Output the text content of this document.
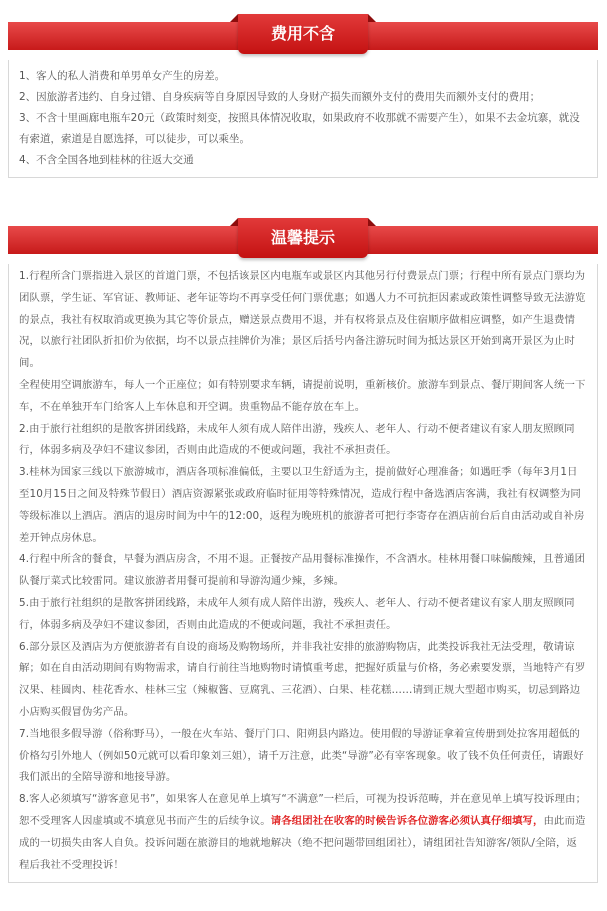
费用不含

1、客人的私人消费和单男单女产生的房差。

2、因旅游者违约、自身过错、自身疾病等自身原因导致的人身财产损失而额外支付的费用失而额外支付的费用；

3、不含十里画廊电瓶车20元（政策时刻变，按照具体情况收取，如果政府不收那就不需要产生），如果不去金坑寨，就没有索道，索道是自愿选择，可以徒步，可以乘坐。

4、不含全国各地到桂林的往返大交通

温馨提示

1.行程所含门票指进入景区的首道门票，不包括该景区内电瓶车或景区内其他另行付费景点门票；行程中所有景点门票均为团队票，学生证、军官证、教师证、老年证等均不再享受任何门票优惠；如遇人力不可抗拒因素或政策性调整导致无法游览的景点，我社有权取消或更换为其它等价景点，赠送景点费用不退，并有权将景点及住宿顺序做相应调整，如产生退费情况，以旅行社团队折扣价为依据，均不以景点挂牌价为准；景区后括号内备注游玩时间为抵达景区开始到离开景区为止时间。

全程使用空调旅游车，每人一个正座位；如有特别要求车辆，请提前说明，重新核价。旅游车到景点、餐厅期间客人统一下车，不在单独开车门给客人上车休息和开空调。贵重物品不能存放在车上。

2.由于旅行社组织的是散客拼团线路，未成年人须有成人陪伴出游，残疾人、老年人、行动不便者建议有家人朋友照顾同行，体弱多病及孕妇不建议参团，否则由此造成的不便或问题，我社不承担责任。

3.桂林为国家三线以下旅游城市，酒店各项标准偏低，主要以卫生舒适为主，提前做好心理准备；如遇旺季（每年3月1日至10月15日之间及特殊节假日）酒店资源紧张或政府临时征用等特殊情况，造成行程中备选酒店客满，我社有权调整为同等级标准以上酒店。酒店的退房时间为中午的12:00，返程为晚班机的旅游者可把行李寄存在酒店前台后自由活动或自补房差开钟点房休息。

4.行程中所含的餐食，早餐为酒店房含，不用不退。正餐按产品用餐标准操作，不含酒水。桂林用餐口味偏酸辣，且普通团队餐厅菜式比较雷同。建议旅游者用餐可提前和导游沟通少辣，多辣。

5.由于旅行社组织的是散客拼团线路，未成年人须有成人陪伴出游，残疾人、老年人、行动不便者建议有家人朋友照顾同行，体弱多病及孕妇不建议参团，否则由此造成的不便或问题，我社不承担责任。

6.部分景区及酒店为方便旅游者有自设的商场及购物场所，并非我社安排的旅游购物店，此类投诉我社无法受理，敬请谅解；如在自由活动期间有购物需求，请自行前往当地购物时请慎重考虑，把握好质量与价格，务必索要发票，当地特产有罗汉果、桂圆肉、桂花香水、桂林三宝（辣椒酱、豆腐乳、三花酒）、白果、桂花糕……请到正规大型超市购买，切忌到路边小店购买假冒伪劣产品。

7.当地很多假导游（俗称野马），一般在火车站、餐厅门口、阳朔县内路边。使用假的导游证拿着宣传册到处拉客用超低的价格勾引外地人（例如50元就可以看印象刘三姐），请千万注意，此类“导游”必有宰客现象。收了钱不负任何责任，请跟好我们派出的全陪导游和地接导游。

8.客人必须填写“游客意见书”，如果客人在意见单上填写“不满意”一栏后，可视为投诉范畴，并在意见单上填写投诉理由；恕不受理客人因虚填或不填意见书而产生的后续争议。请各组团社在收客的时候告诉各位游客必须认真仔细填写，由此而造成的一切损失由客人自负。投诉问题在旅游目的地就地解决（绝不把问题带回组团社），请组团社告知游客/领队/全陪，返程后我社不受理投诉！
